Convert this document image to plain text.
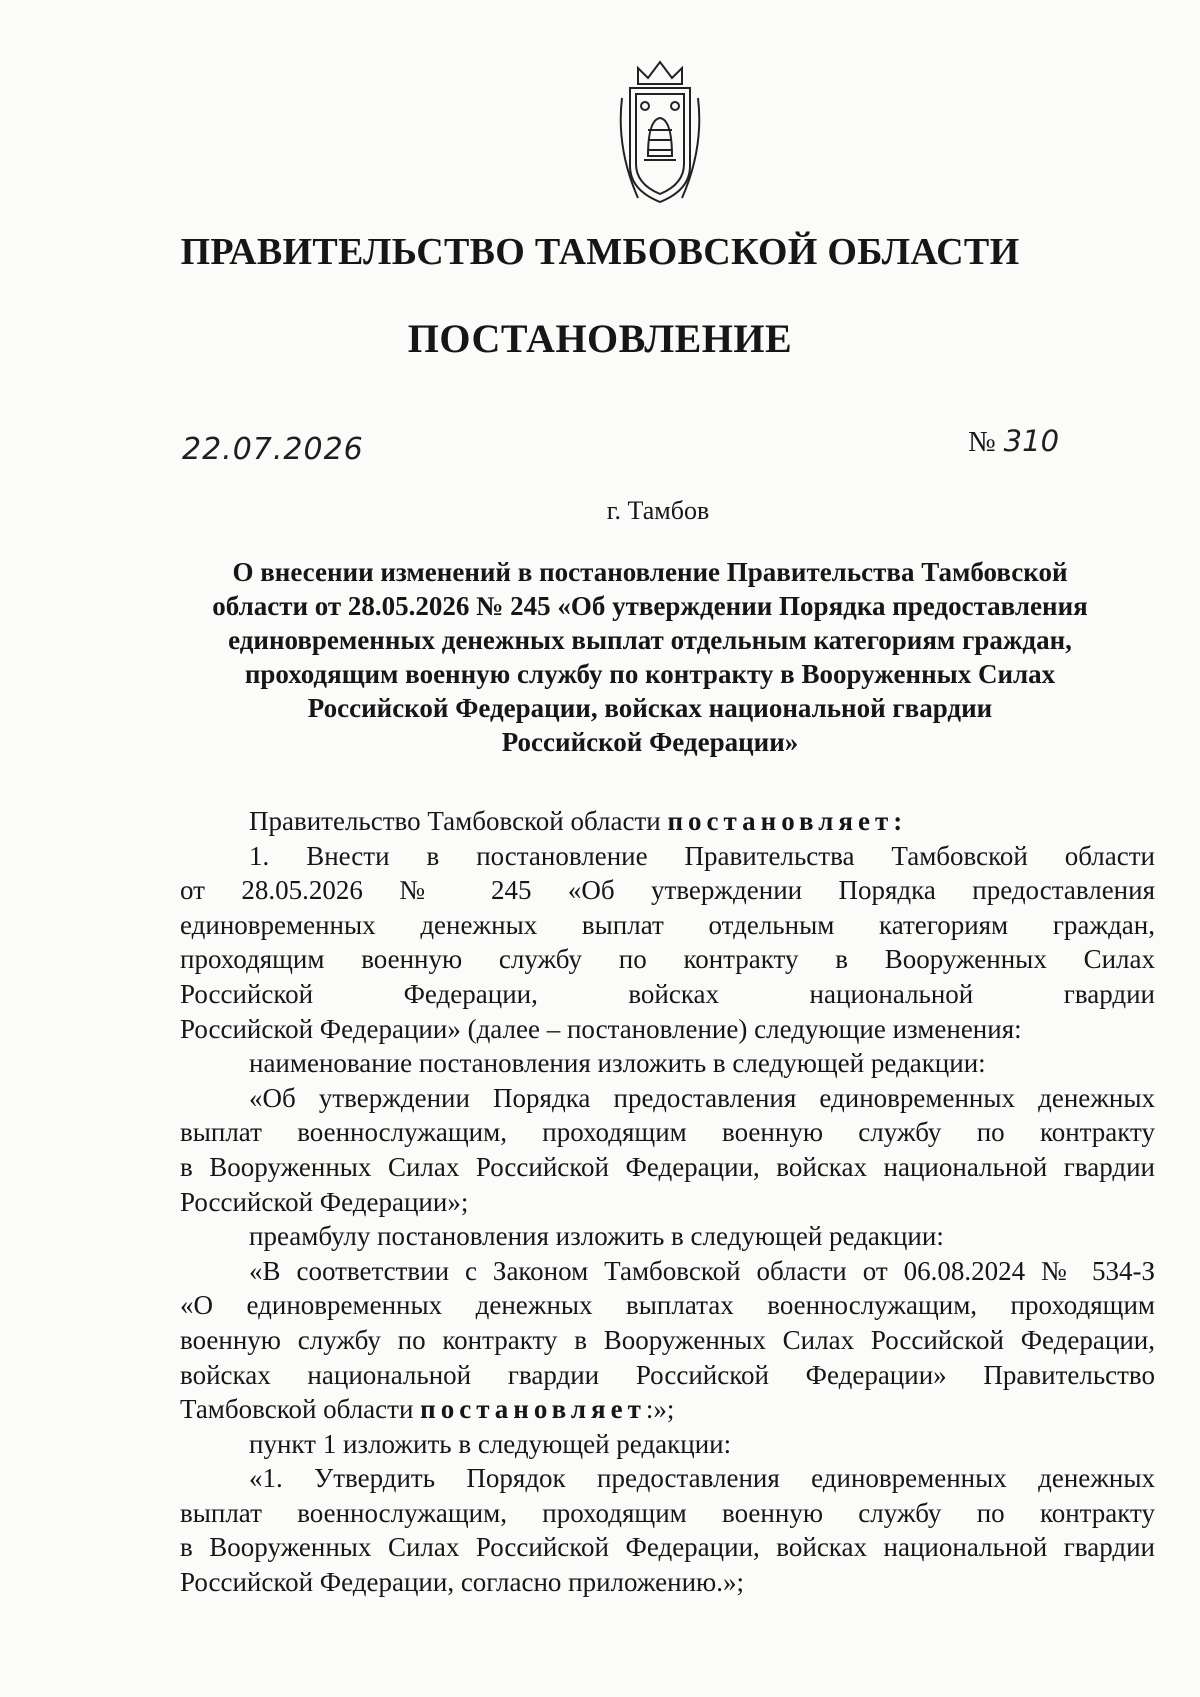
ПРАВИТЕЛЬСТВО ТАМБОВСКОЙ ОБЛАСТИ
ПОСТАНОВЛЕНИЕ
22.07.2026	№ 310
г. Тамбов
О внесении изменений в постановление Правительства Тамбовской
области от 28.05.2026 № 245 «Об утверждении Порядка предоставления
единовременных денежных выплат отдельным категориям граждан,
проходящим военную службу по контракту в Вооруженных Силах
Российской Федерации, войсках национальной гвардии
Российской Федерации»
Правительство Тамбовской области постановляет:
1. Внести в постановление Правительства Тамбовской области
от 28.05.2026 № 245 «Об утверждении Порядка предоставления
единовременных денежных выплат отдельным категориям граждан,
проходящим военную службу по контракту в Вооруженных Силах
Российской Федерации, войсках национальной гвардии
Российской Федерации» (далее – постановление) следующие изменения:
наименование постановления изложить в следующей редакции:
«Об утверждении Порядка предоставления единовременных денежных
выплат военнослужащим, проходящим военную службу по контракту
в Вооруженных Силах Российской Федерации, войсках национальной гвардии
Российской Федерации»;
преамбулу постановления изложить в следующей редакции:
«В соответствии с Законом Тамбовской области от 06.08.2024 № 534-З
«О единовременных денежных выплатах военнослужащим, проходящим
военную службу по контракту в Вооруженных Силах Российской Федерации,
войсках национальной гвардии Российской Федерации» Правительство
Тамбовской области постановляет:»;
пункт 1 изложить в следующей редакции:
«1. Утвердить Порядок предоставления единовременных денежных
выплат военнослужащим, проходящим военную службу по контракту
в Вооруженных Силах Российской Федерации, войсках национальной гвардии
Российской Федерации, согласно приложению.»;
